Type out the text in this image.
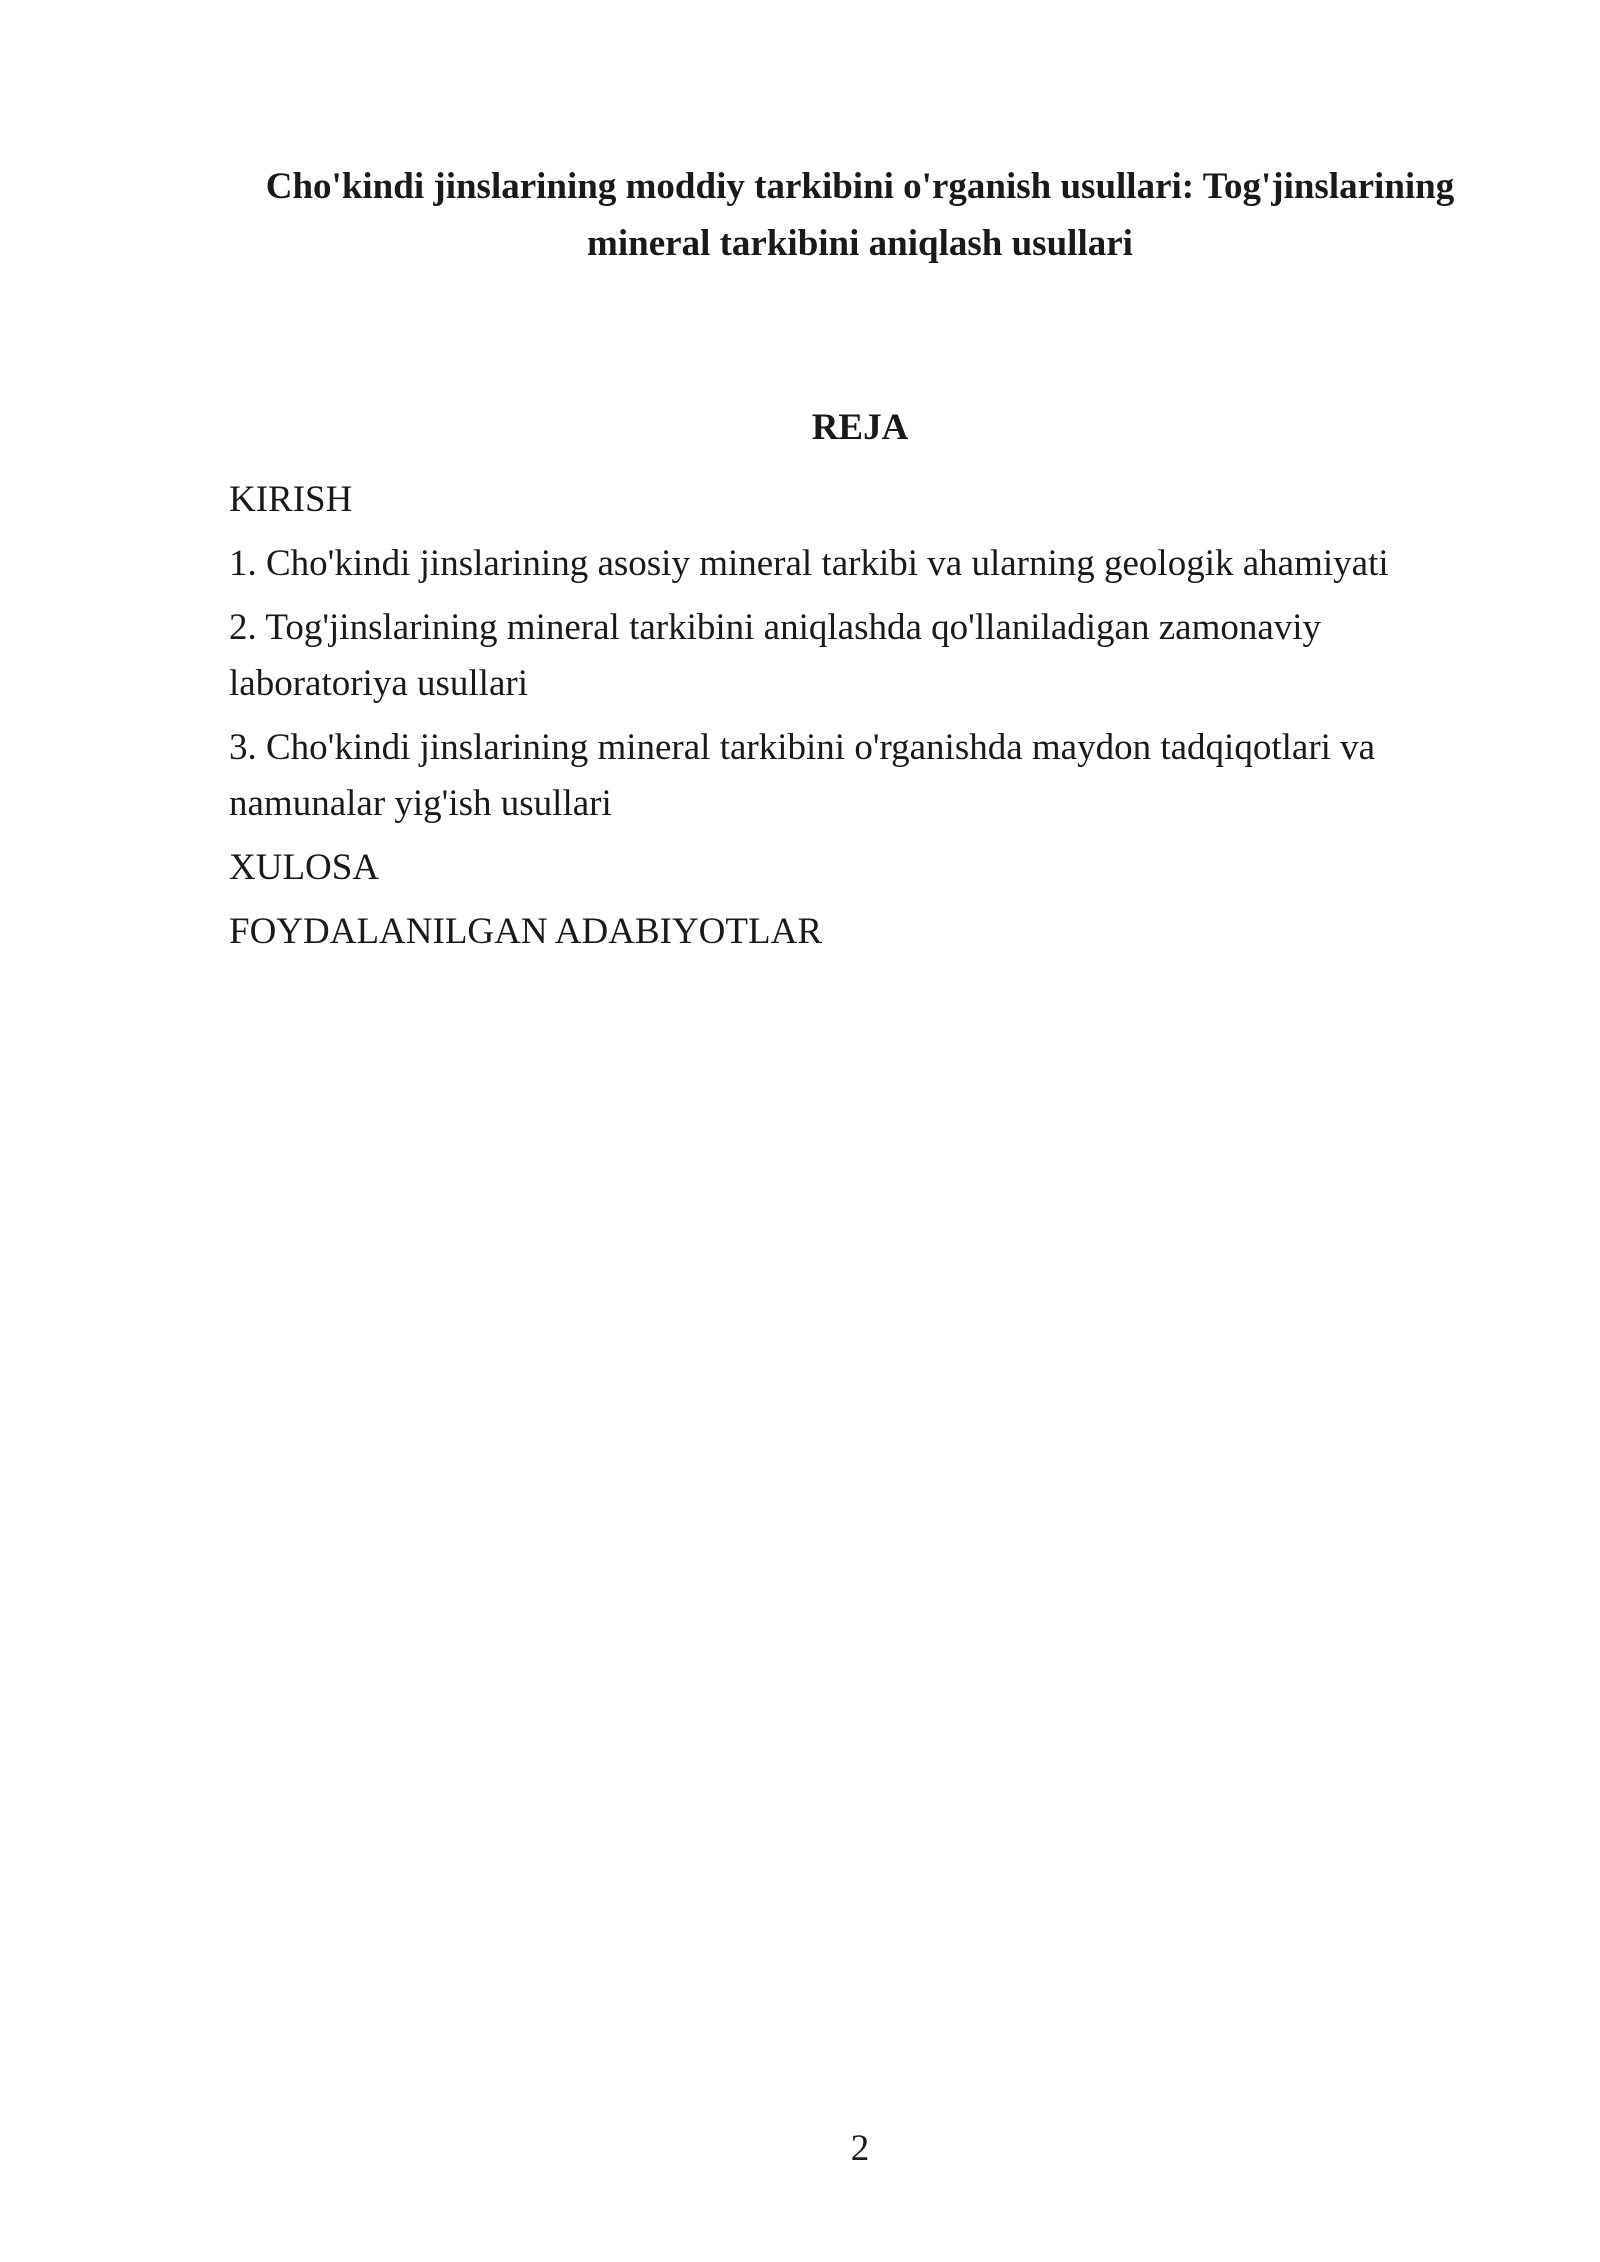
Cho'kindi jinslarining moddiy tarkibini o'rganish usullari: Tog'jinslarining mineral tarkibini aniqlash usullari
REJA
KIRISH
1. Cho'kindi jinslarining asosiy mineral tarkibi va ularning geologik ahamiyati
2. Tog'jinslarining mineral tarkibini aniqlashda qo'llaniladigan zamonaviy laboratoriya usullari
3. Cho'kindi jinslarining mineral tarkibini o'rganishda maydon tadqiqotlari va namunalar yig'ish usullari
XULOSA
FOYDALANILGAN ADABIYOTLAR
2
